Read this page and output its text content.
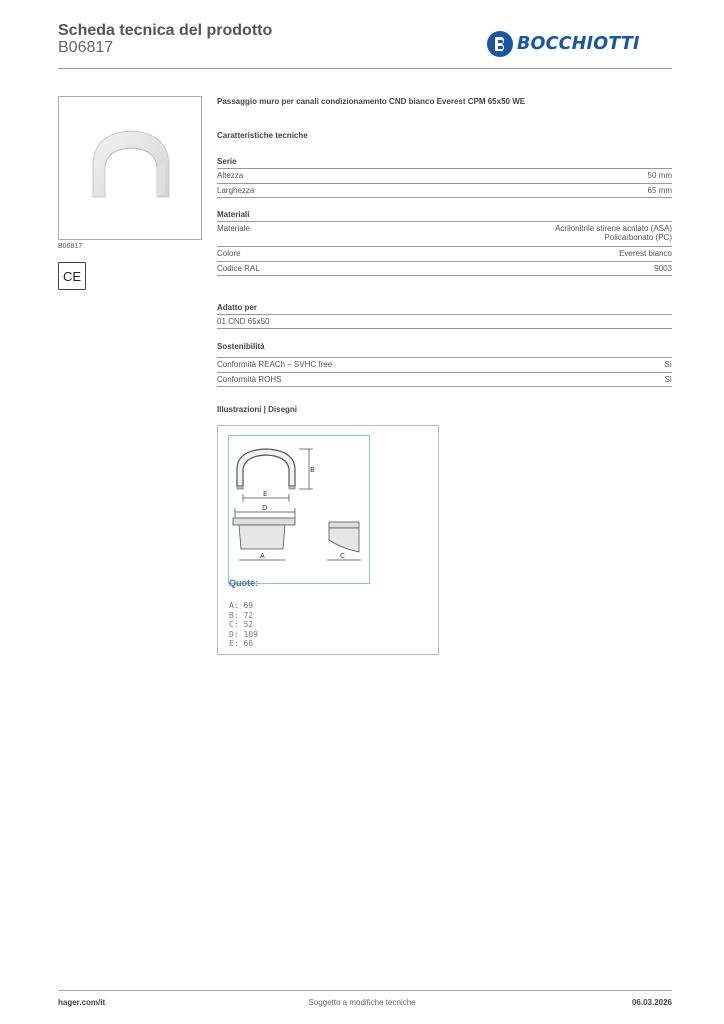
Scheda tecnica del prodotto
B06817	BOCCHIOTTI
B06817
CE
Passaggio muro per canali condizionamento CND bianco Everest CPM 65x50 WE
Caratteristiche tecniche
Serie
Altezza	50 mm
Larghezza	65 mm
Materiali
Materiale	Acrilonitrile stirene acrilato (ASA)
Policarbonato (PC)
Colore	Everest bianco
Codice RAL	9003
Adatto per
01 CND 65x50
Sostenibilità
Conformità REACh – SVHC free	Sì
Conformità ROHS	Sì
Illustrazioni | Disegni
B
E
D
A	C
Quote:
A: 69
B: 72
C: 52
D: 109
E: 66
hager.com/it	Soggetto a modifiche tecniche	06.03.2026
